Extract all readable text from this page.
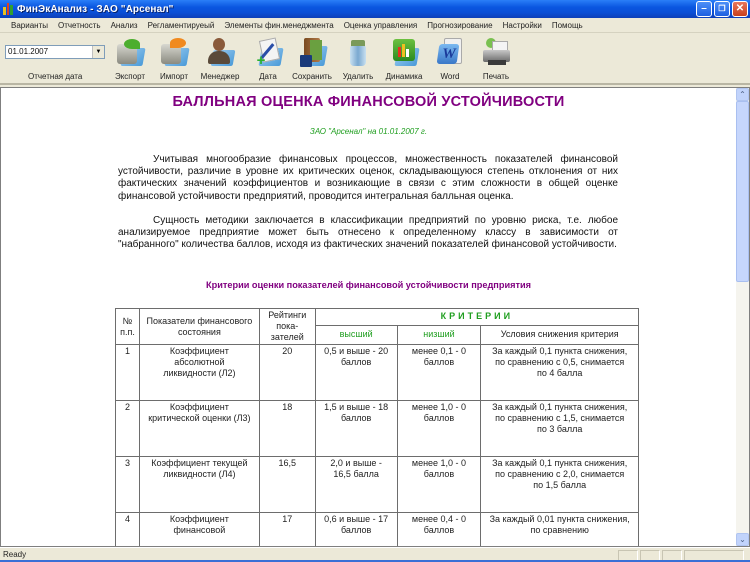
ФинЭкАнализ - ЗАО "Арсенал"	– ❐ ✕
Варианты	Отчетность	Анализ	Регламентируеый	Элементы фин.менеджмента	Оценка управления	Прогнозирование	Настройки	Помощь
01.01.2007	▼
Отчетная дата	Экспорт	Импорт	Менеджер
+
Дата	Сохранить	Удалить	Динамика
W
Word	Печать
БАЛЛЬНАЯ ОЦЕНКА ФИНАНСОВОЙ УСТОЙЧИВОСТИ
ЗАО "Арсенал" на 01.01.2007 г.

Учитывая многообразие финансовых процессов, множественность показателей финансовой устойчивости, различие в уровне их критических оценок, складывающуюся степень отклонения от них фактических значений коэффициентов и возникающие в связи с этим сложности в общей оценке финансовой устойчивости предприятий, проводится интегральная балльная оценка.

Сущность методики заключается в классификации предприятий по уровню риска, т.е. любое анализируемое предприятие может быть отнесено к определенному классу в зависимости от "набранного" количества баллов, исходя из фактических значений показателей финансовой устойчивости.

Критерии оценки показателей финансовой устойчивости предприятия
№ п.п.	Показатели финансового состояния	Рейтинги пока-зателей	КРИТЕРИИ		
			высший	низший	Условия снижения критерия
1	Коэффициент абсолютной ликвидности (Л2)	20	0,5 и выше - 20 баллов	менее 0,1 - 0 баллов	За каждый 0,1 пункта снижения, по сравнению с 0,5, снимается по 4 балла
2	Коэффициент критической оценки (Л3)	18	1,5 и выше - 18 баллов	менее 1,0 - 0 баллов	За каждый 0,1 пункта снижения, по сравнению с 1,5, снимается по 3 балла
3	Коэффициент текущей ликвидности (Л4)	16,5	2,0 и выше - 16,5 балла	менее 1,0 - 0 баллов	За каждый 0,1 пункта снижения, по сравнению с 2,0, снимается по 1,5 балла
4	Коэффициент финансовой	17	0,6 и выше - 17 баллов	менее 0,4 - 0 баллов	За каждый 0,01 пункта снижения, по сравнению
⌃
⌄
Ready
